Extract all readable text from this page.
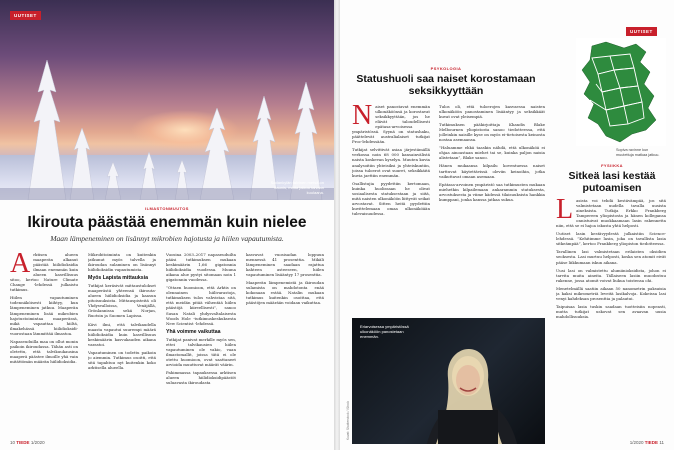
UUTISET
Sodankylän talvinen metsä on kaunis, mutta jatkuu taivaan kuulaana.
ILMASTONMUUTOS
Ikirouta päästää enemmän kuin nielee
Maan lämpeneminen on lisännyt mikrobien hajotusta ja hiilen vapautumista.
A rktisen alueen maaperän alkanut päästää hiilidioksidia ilmaan enemmän kuin alueen kasvillisuus sitoo, kertoo Nature Climate Change -lehdessä julkaistu tutkimus.

Hiilen vapautuminen todennäköisesti kiihtyy, kun lämpeneminen jatkuu. Maaperän lämpeneminen lisää mikrobien hajotustoimintaa maaperässä, mikä vapauttaa hiiltä, ilmakehässä hiilidioksidi-vuorostaan lämmittää ilmastoa.

Napaseuduilla maa on ollut monin paikoin ikiroudassa. Tähän asti on oletettu, että talvikuukausina maaperä päästee ilmoille yhä vain mitättömän määrän hiilidioksidia.

Mikrobitoiminta on kuitenkin jatkunut myös talvella ja ikiroudan sulaminen on lisännyt hiilidioksidin vapautumista.

Myös Lapista mittauksia

Tutkijat keräsivät mittaustulokset maaperästä yhteensä ikirouta-alueen hiilidioksidia ja kaasun pitoisuuksista. Mittauspisteitä oli Yhdysvalloissa, Venäjällä, Grönlannissa sekä Norjan, Ruotsin ja Suomen Lapissa.

Kävi ilmi, että talvikaudella maasta vapautui suurempi määrä hiilidioksidia kuin kasvillisuus keskimäärin kasvukauden aikana varastoi.

Vapautuminen on todettu paikoin jo aiemmin. Tutkimus osoitti, että sitä tapahtuu nyt kuitenkin koko arktisella alueella.

Vuosina 2003–2017 napaseuduilta pääsi tutkimuksen mukaan keskimäärin 1,66 gigatonnia hiilidioksidia vuodessa. Muuna aikana alue pystyi sitomaan noin 1 gigatonnin vuodessa.

”Ottaen huomioon, että Arktis on olennainen hiilivarastoja, tutkimuksen tulos vahvistaa sitä, että meidän pitää vähentää hiilen päästöjä kiireellisesti”, sanoo Susan Natali yhdysvaltalaisesta Woods Hole -tutkimuskeskuksesta New Scientist -lehdessä.

Yhä voimme vaikuttaa

Tutkijat panivat merkille myös sen, ettei talvikausien hiilen vapautuminen ole vakio, vaan ilmastomallit, joissa tätä ei ole otettu huomioon, ovat saattaneet arvioida muuttuvat määrät väärin.

Pahimmassa tapauksessa arktisen alueen hiilidioksidipäästöt suluavasta ikiroudasta

kasvavat vuosisadan loppuun mennessä 41 prosenttia. Mikäli lämpeneminen saadaan rajattua kahteen asteeseen, hiilen vapautuminen lisääntyy 17 prosenttia.

Maaperän lämpenemistä ja ikiroudan sulamista on mahdotonta enää kokonaan estää. Natalin mukaan tutkimus kuitenkin osoittaa, että päästöjen määrään voidaan vaikuttaa.

10 TIEDE 1/2020
UUTISET
PSYKOLOGIA
Statushuoli saa naiset korostamaan seksikkyyttään
N aiset panostavat enemmän ulkonäköönsä ja korostavat seksikkyyttään, jos he elävät taloudellisesti epätasa-arvoisessa ympäristössä. Syynä on statushaku, päättelevät australialaiset tutkijat Proc-lehdessään.

Tutkijat selvittivät asiaa järjestämällä verkossa noin 68 000 kansainvälistä naista koskevan kyselyn. Muuten kuvia analysoitiin yhteisiksi ja yhteiskuntiin, joissa tuloerot ovat suuret, seksikkäitä kuvia jaettiin enemmän.

Osallistujia pyydettiin kertomaan, kuinka huolissaan he olivat sosiaalisesta statuksestaan ja siitä, mitä naisten ulkonäköön liittyvät seikat arvostavat. Sitten heitä pyydettiin kuvittelemaan omaa ulkonäköään tulevaisuudessa.

Tulos oli, että tuloerojen kasvaessa naisten ulkonäköön panostaminen lisääntyy ja seksikkäät kuvat ovat yleisempiä.

Tutkimuksen pääkirjoittaja Khandis Blake Melbournen yliopistosta sanoo tiedotteessa, että jolleinkin naisille kyse on myös ei-tietoisesta keinosta nostaa asemaansa.

”Haluamme ehkä taaskin nähdä, että ulkonäköä ei ohjaa ainoastaan miehet tai se, kuinka paljon naisia alistetaan”, Blake sanoo.

Hänen mukaansa kilpailu koventuessa naiset tarttuvat käytettävissä oleviin keinoihin, jotka vaikuttavat omaan asemaan.

Epätasa-arvoinen ympäristö saa tutkimusten mukaan miehetkin kilpailemaan ankarammin statuksesta, arvostuksesta ja viime kädessä tilaisuuksista hankkia kumppani, jonka kanssa jatkaa sukua.

Eriarvoisessa ympäristössä ulkonäköön panostetaan enemmän.
Kuvat: Shutterstock / iStock
Sopiva ravinne kun muutettuja matkaa jatkuu.
FYSIIKKA
Sitkeä lasi kestää putoamisen
L asista voi tehdä kestävämpää, jos sitä valmistetaan uudella tavalla uusista aineksista. Tutkija Erkko Frankberg Tampereen yliopistosta ja hänen kollegansa onnistuivat muokkaamaan lasin rakennetta niin, että se ei hajoa iskusta yhtä helposti.

Uutiset lasin kestävyydestä julkaistiin Science-lehdessä. ”Kehitimme lasin, joka on tavallista lasia sitkeämpää”, kertoo Frankberg yliopiston tiedotteessa.

Tavallinen lasi valmistetaan erilaisten oksidien seoksesta. Lasi murtuu helposti, koska sen atomit eivät pääse liikkumaan iskun aikana.

Uusi lasi on valmistettu alumiinioksidista, johon ei tarvita muita aineita. Tällaiseen lasiin muodostuu rakenne, jossa atomit voivat liukua toistensa ohi.

Menetelmällä saatiin aikaan 50 nanometrin paksuisia ja kaksi mikrometriä leveitä lasikalvoja. Kokeissa lasi venyi kahdeksan prosenttia ja palautui.

Taipuisaa lasia tuskin saadaan tuotteisiin nopeasti, mutta tutkijat uskovat sen avaavan uusia mahdollisuuksia.

1/2020 TIEDE 11
